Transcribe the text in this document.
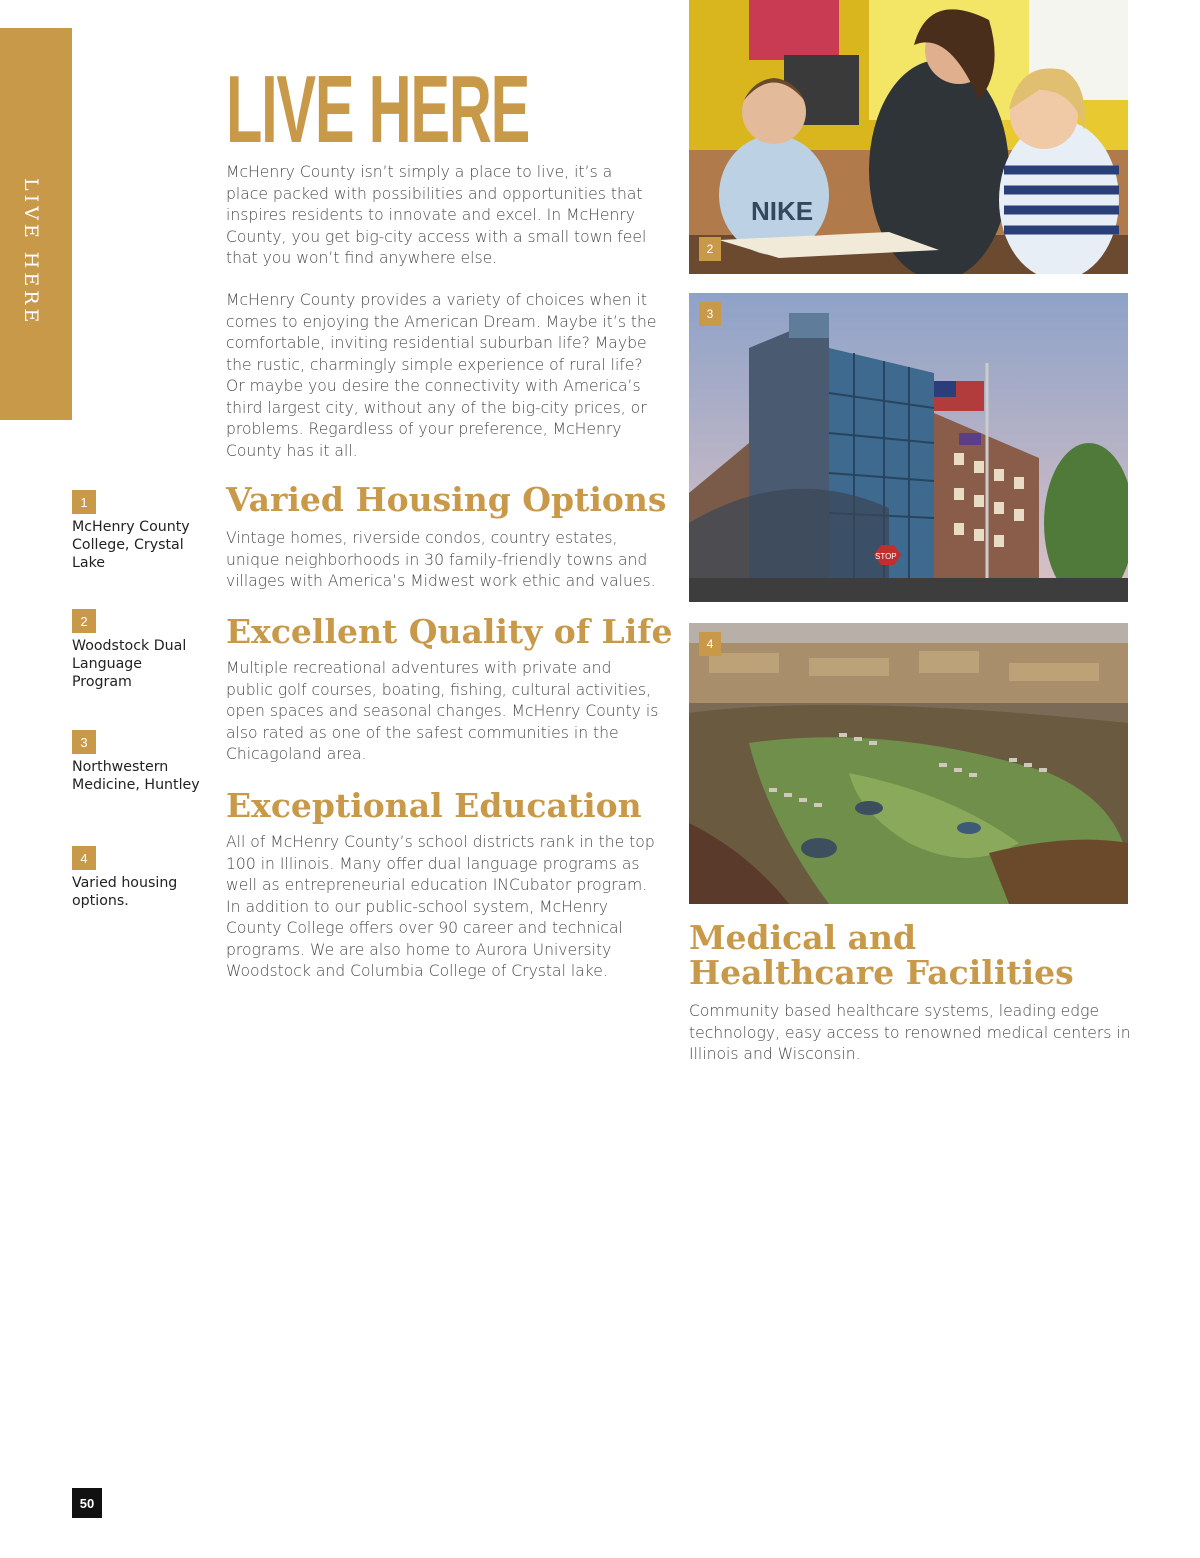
LIVE HERE
LIVE HERE
McHenry County isn’t simply a place to live, it’s a place packed with possibilities and opportunities that inspires residents to innovate and excel. In McHenry County, you get big-city access with a small town feel that you won’t find anywhere else.
McHenry County provides a variety of choices when it comes to enjoying the American Dream. Maybe it’s the comfortable, inviting residential suburban life? Maybe the rustic, charmingly simple experience of rural life? Or maybe you desire the connectivity with America’s third largest city, without any of the big-city prices, or problems. Regardless of your preference, McHenry County has it all.
Varied Housing Options
Vintage homes, riverside condos, country estates, unique neighborhoods in 30 family-friendly towns and villages with America’s Midwest work ethic and values.
Excellent Quality of Life
Multiple recreational adventures with private and public golf courses, boating, fishing, cultural activities, open spaces and seasonal changes. McHenry County is also rated as one of the safest communities in the Chicagoland area.
Exceptional Education
All of McHenry County’s school districts rank in the top 100 in Illinois. Many offer dual language programs as well as entrepreneurial education INCubator program. In addition to our public-school system, McHenry County College offers over 90 career and technical programs. We are also home to Aurora University Woodstock and Columbia College of Crystal lake.
1
McHenry County College, Crystal Lake
2
Woodstock Dual Language Program
3
Northwestern Medicine, Huntley
4
Varied housing options.
NIKE
2
STOP
3
4
Medical and
Healthcare Facilities
Community based healthcare systems, leading edge technology, easy access to renowned medical centers in Illinois and Wisconsin.
McHENRY COUNTY COLLEGE
1
50
